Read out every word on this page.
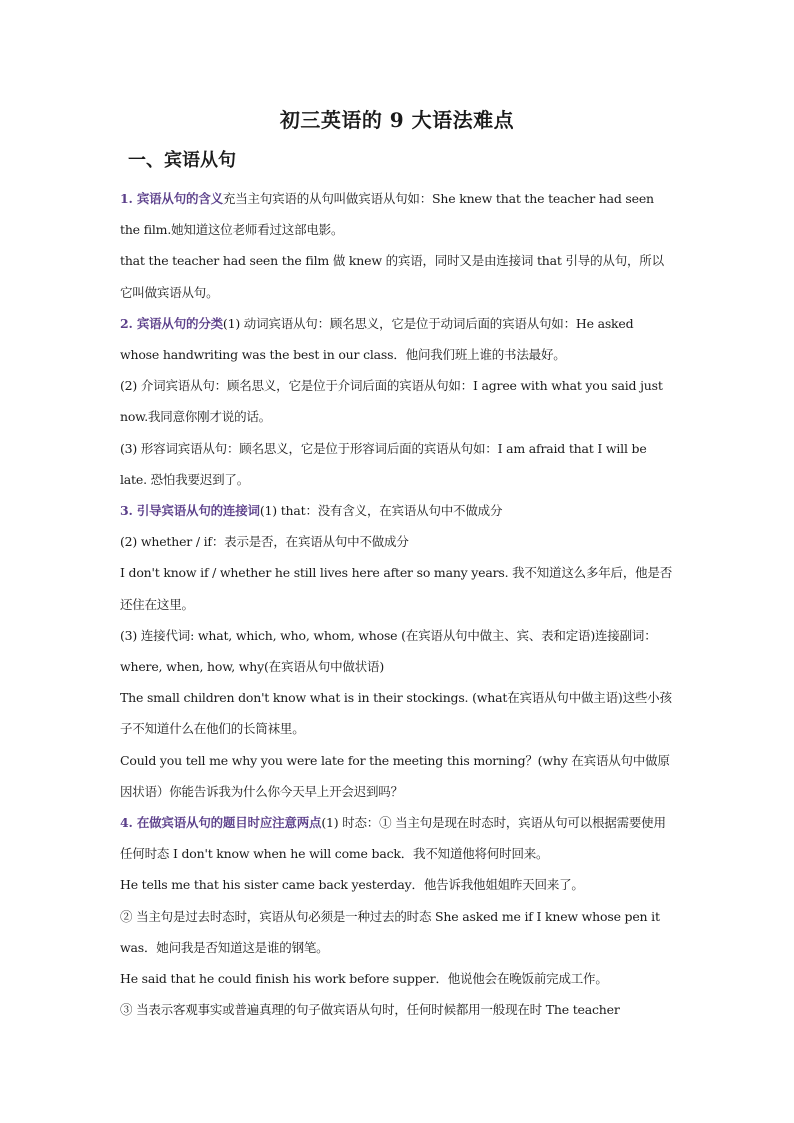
初三英语的 9 大语法难点
一、宾语从句

1. 宾语从句的含义充当主句宾语的从句叫做宾语从句如：She knew that the teacher had seen the film.她知道这位老师看过这部电影。

that the teacher had seen the film 做 knew 的宾语，同时又是由连接词 that 引导的从句，所以它叫做宾语从句。

2. 宾语从句的分类(1) 动词宾语从句：顾名思义，它是位于动词后面的宾语从句如：He asked whose handwriting was the best in our class．他问我们班上谁的书法最好。

(2) 介词宾语从句：顾名思义，它是位于介词后面的宾语从句如：I agree with what you said just now.我同意你刚才说的话。

(3) 形容词宾语从句：顾名思义，它是位于形容词后面的宾语从句如：I am afraid that I will be late. 恐怕我要迟到了。

3. 引导宾语从句的连接词(1) that：没有含义，在宾语从句中不做成分

(2) whether / if：表示是否，在宾语从句中不做成分

I don't know if / whether he still lives here after so many years. 我不知道这么多年后，他是否还住在这里。

(3) 连接代词: what, which, who, whom, whose (在宾语从句中做主、宾、表和定语)连接副词：where, when, how, why(在宾语从句中做状语)

The small children don't know what is in their stockings. (what在宾语从句中做主语)这些小孩子不知道什么在他们的长筒袜里。

Could you tell me why you were late for the meeting this morning？(why 在宾语从句中做原因状语）你能告诉我为什么你今天早上开会迟到吗？

4. 在做宾语从句的题目时应注意两点(1) 时态：① 当主句是现在时态时，宾语从句可以根据需要使用任何时态 I don't know when he will come back．我不知道他将何时回来。

He tells me that his sister came back yesterday．他告诉我他姐姐昨天回来了。

② 当主句是过去时态时，宾语从句必须是一种过去的时态 She asked me if I knew whose pen it was．她问我是否知道这是谁的钢笔。

He said that he could finish his work before supper．他说他会在晚饭前完成工作。

③ 当表示客观事实或普遍真理的句子做宾语从句时，任何时候都用一般现在时 The teacher
